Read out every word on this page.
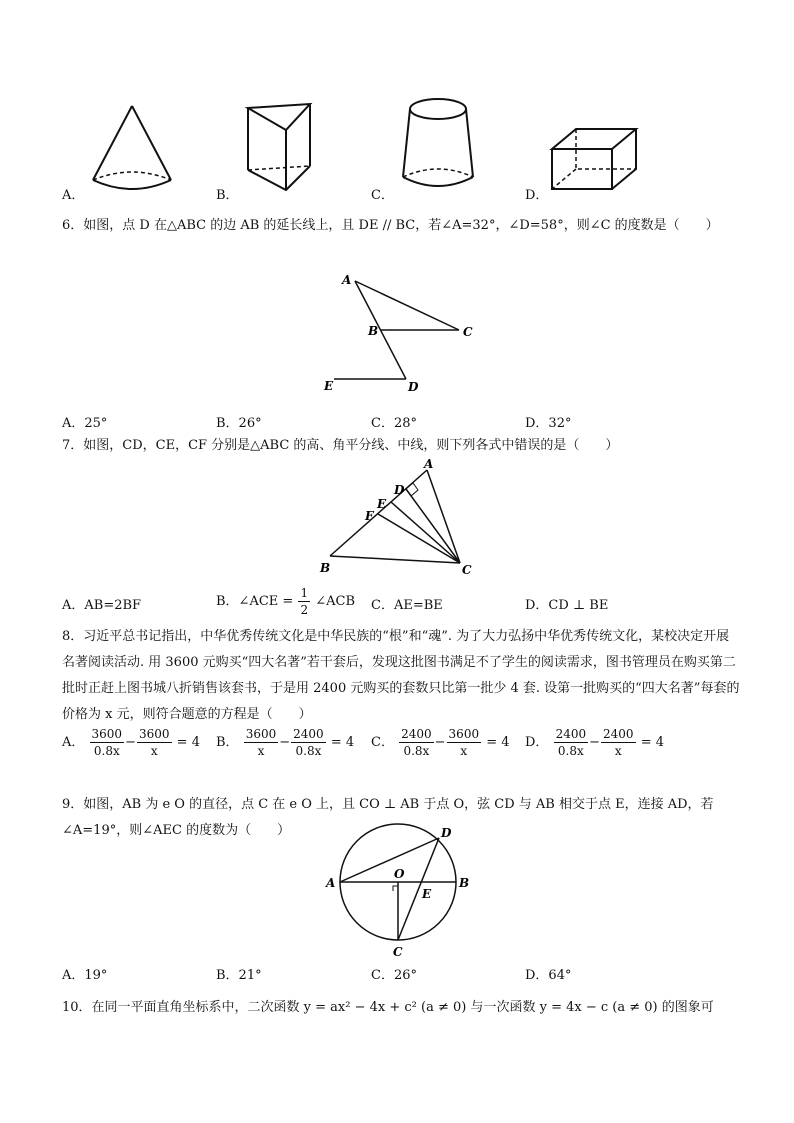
A．	B．	C．	D．
6．如图，点 D 在△ABC 的边 AB 的延长线上，且 DE // BC，若∠A=32°，∠D=58°，则∠C 的度数是（　　）
A
B	C
E	D
A．25°	B．26°	C．28°	D．32°
7．如图，CD，CE，CF 分别是△ABC 的高、角平分线、中线，则下列各式中错误的是（　　）
A
D
E
F
B	C
A．AB=2BF	B．∠ACE = $\frac{1}{2}$ ∠ACB C．AE=BE	D．CD ⊥ BE
8．习近平总书记指出，中华优秀传统文化是中华民族的“根”和“魂”. 为了大力弘扬中华优秀传统文化，某校决定开展名著阅读活动. 用 3600 元购买“四大名著”若干套后，发现这批图书满足不了学生的阅读需求，图书管理员在购买第二批时正赶上图书城八折销售该套书，于是用 2400 元购买的套数只比第一批少 4 套. 设第一批购买的“四大名著”每套的价格为 x 元，则符合题意的方程是（　　）
A． $\frac{3600}{0.8x} - \frac{3600}{x} = 4$ B． $\frac{3600}{x} - \frac{2400}{0.8x} = 4$ C． $\frac{2400}{0.8x} - \frac{3600}{x} = 4$ D． $\frac{2400}{0.8x} - \frac{2400}{x} = 4$
9．如图，AB 为 e O 的直径，点 C 在 e O 上，且 CO ⊥ AB 于点 O，弦 CD 与 AB 相交于点 E，连接 AD，若∠A=19°，则∠AEC 的度数为（　　）
A	B
C
D
O
E
A．19°	B．21°	C．26°	D．64°
10．在同一平面直角坐标系中，二次函数 y = ax² − 4x + c² (a ≠ 0) 与一次函数 y = 4x − c (a ≠ 0) 的图象可
